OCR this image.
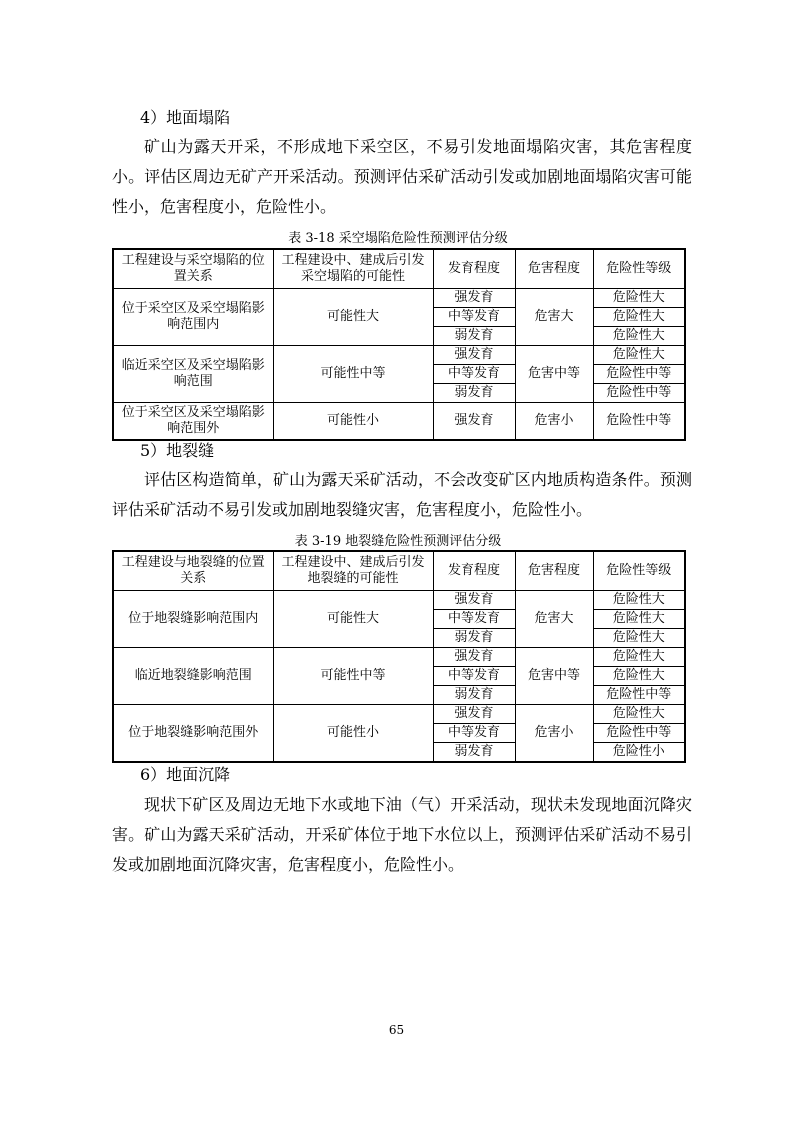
4）地面塌陷

矿山为露天开采，不形成地下采空区，不易引发地面塌陷灾害，其危害程度小。评估区周边无矿产开采活动。预测评估采矿活动引发或加剧地面塌陷灾害可能性小，危害程度小，危险性小。

表 3-18 采空塌陷危险性预测评估分级
工程建设与采空塌陷的位置关系	工程建设中、建成后引发采空塌陷的可能性	发育程度	危害程度	危险性等级
位于采空区及采空塌陷影响范围内	可能性大	强发育	危害大	危险性大
		中等发育		危险性大
		弱发育		危险性大
临近采空区及采空塌陷影响范围	可能性中等	强发育	危害中等	危险性大
		中等发育		危险性中等
		弱发育		危险性中等
位于采空区及采空塌陷影响范围外	可能性小	强发育	危害小	危险性中等
5）地裂缝

评估区构造简单，矿山为露天采矿活动，不会改变矿区内地质构造条件。预测评估采矿活动不易引发或加剧地裂缝灾害，危害程度小，危险性小。

表 3-19 地裂缝危险性预测评估分级
工程建设与地裂缝的位置关系	工程建设中、建成后引发地裂缝的可能性	发育程度	危害程度	危险性等级
位于地裂缝影响范围内	可能性大	强发育	危害大	危险性大
		中等发育		危险性大
		弱发育		危险性大
临近地裂缝影响范围	可能性中等	强发育	危害中等	危险性大
		中等发育		危险性大
		弱发育		危险性中等
位于地裂缝影响范围外	可能性小	强发育	危害小	危险性大
		中等发育		危险性中等
		弱发育		危险性小
6）地面沉降

现状下矿区及周边无地下水或地下油（气）开采活动，现状未发现地面沉降灾害。矿山为露天采矿活动，开采矿体位于地下水位以上，预测评估采矿活动不易引发或加剧地面沉降灾害，危害程度小，危险性小。

65
